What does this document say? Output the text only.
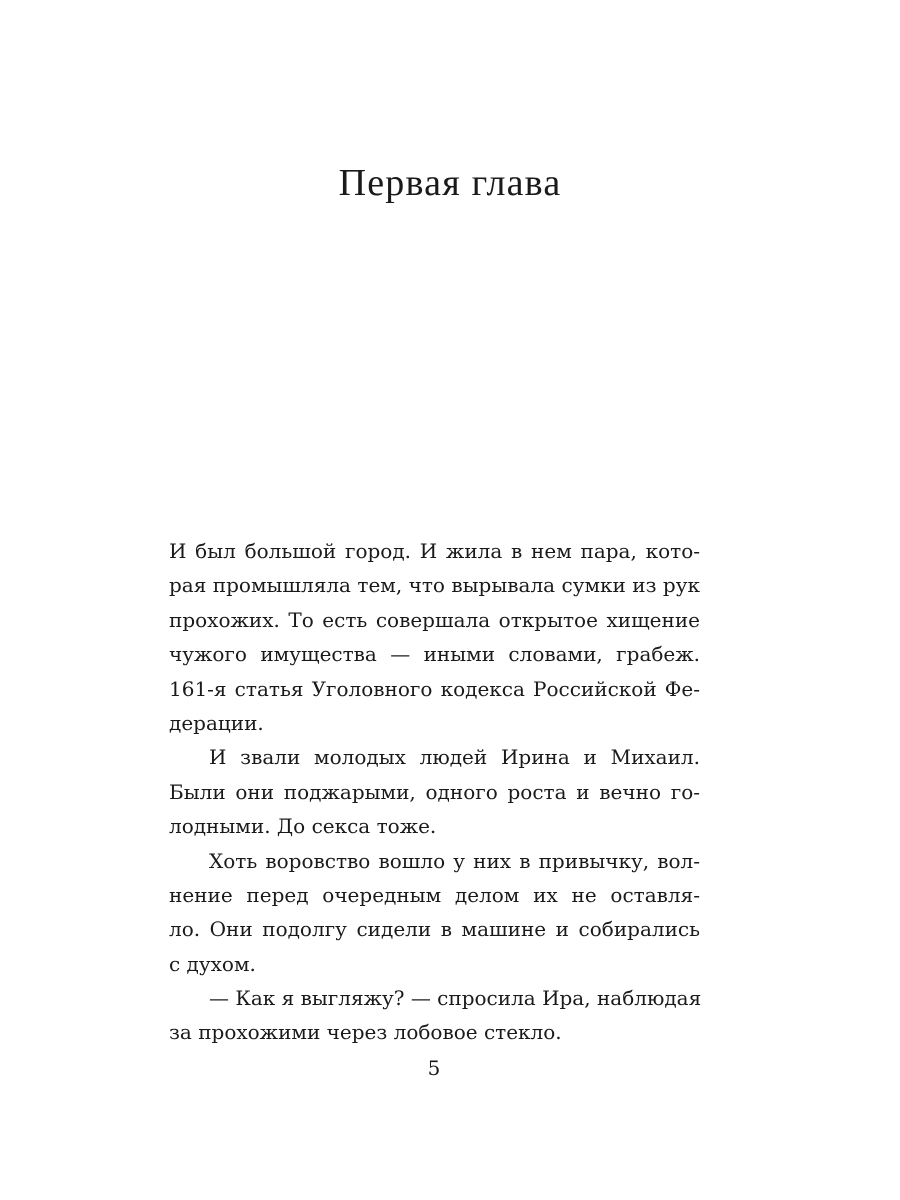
Первая глава
И был большой город. И жила в нем пара, кото-
рая промышляла тем, что вырывала сумки из рук
прохожих. То есть совершала открытое хищение
чужого имущества — иными словами, грабеж.
161-я статья Уголовного кодекса Российской Фе-
дерации.
И звали молодых людей Ирина и Михаил.
Были они поджарыми, одного роста и вечно го-
лодными. До секса тоже.
Хоть воровство вошло у них в привычку, вол-
нение перед очередным делом их не оставля-
ло. Они подолгу сидели в машине и собирались
с духом.
— Как я выгляжу? — спросила Ира, наблюдая
за прохожими через лобовое стекло.
5
